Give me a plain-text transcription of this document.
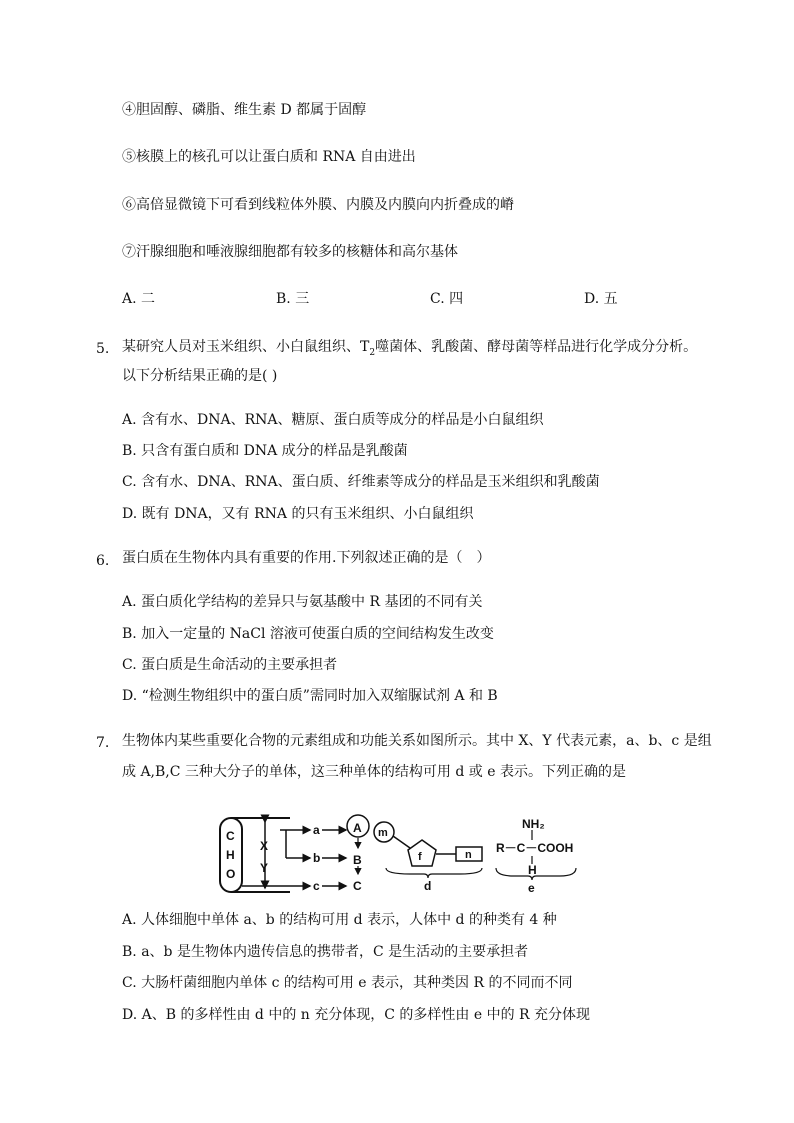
④胆固醇、磷脂、维生素 D 都属于固醇
⑤核膜上的核孔可以让蛋白质和 RNA 自由进出
⑥高倍显微镜下可看到线粒体外膜、内膜及内膜向内折叠成的嵴
⑦汗腺细胞和唾液腺细胞都有较多的核糖体和高尔基体
A. 二	B. 三	C. 四	D. 五
5. 某研究人员对玉米组织、小白鼠组织、$T_2$噬菌体、乳酸菌、酵母菌等样品进行化学成分分析。
以下分析结果正确的是( )
A. 含有水、DNA、RNA、糖原、蛋白质等成分的样品是小白鼠组织
B. 只含有蛋白质和 DNA 成分的样品是乳酸菌
C. 含有水、DNA、RNA、蛋白质、纤维素等成分的样品是玉米组织和乳酸菌
D. 既有 DNA，又有 RNA 的只有玉米组织、小白鼠组织
6. 蛋白质在生物体内具有重要的作用.下列叙述正确的是（　）
A. 蛋白质化学结构的差异只与氨基酸中 R 基团的不同有关
B. 加入一定量的 NaCl 溶液可使蛋白质的空间结构发生改变
C. 蛋白质是生命活动的主要承担者
D. “检测生物组织中的蛋白质”需同时加入双缩脲试剂 A 和 B
7. 生物体内某些重要化合物的元素组成和功能关系如图所示。其中 X、Y 代表元素，a、b、c 是组
成 A,B,C 三种大分子的单体，这三种单体的结构可用 d 或 e 表示。下列正确的是
C
H
O
X
Y
a
b
c
A
B
C
m
f	n
d
NH₂
R－C－COOH
H
e
A. 人体细胞中单体 a、b 的结构可用 d 表示，人体中 d 的种类有 4 种
B. a、b 是生物体内遗传信息的携带者，C 是生活动的主要承担者
C. 大肠杆菌细胞内单体 c 的结构可用 e 表示，其种类因 R 的不同而不同
D. A、B 的多样性由 d 中的 n 充分体现，C 的多样性由 e 中的 R 充分体现
